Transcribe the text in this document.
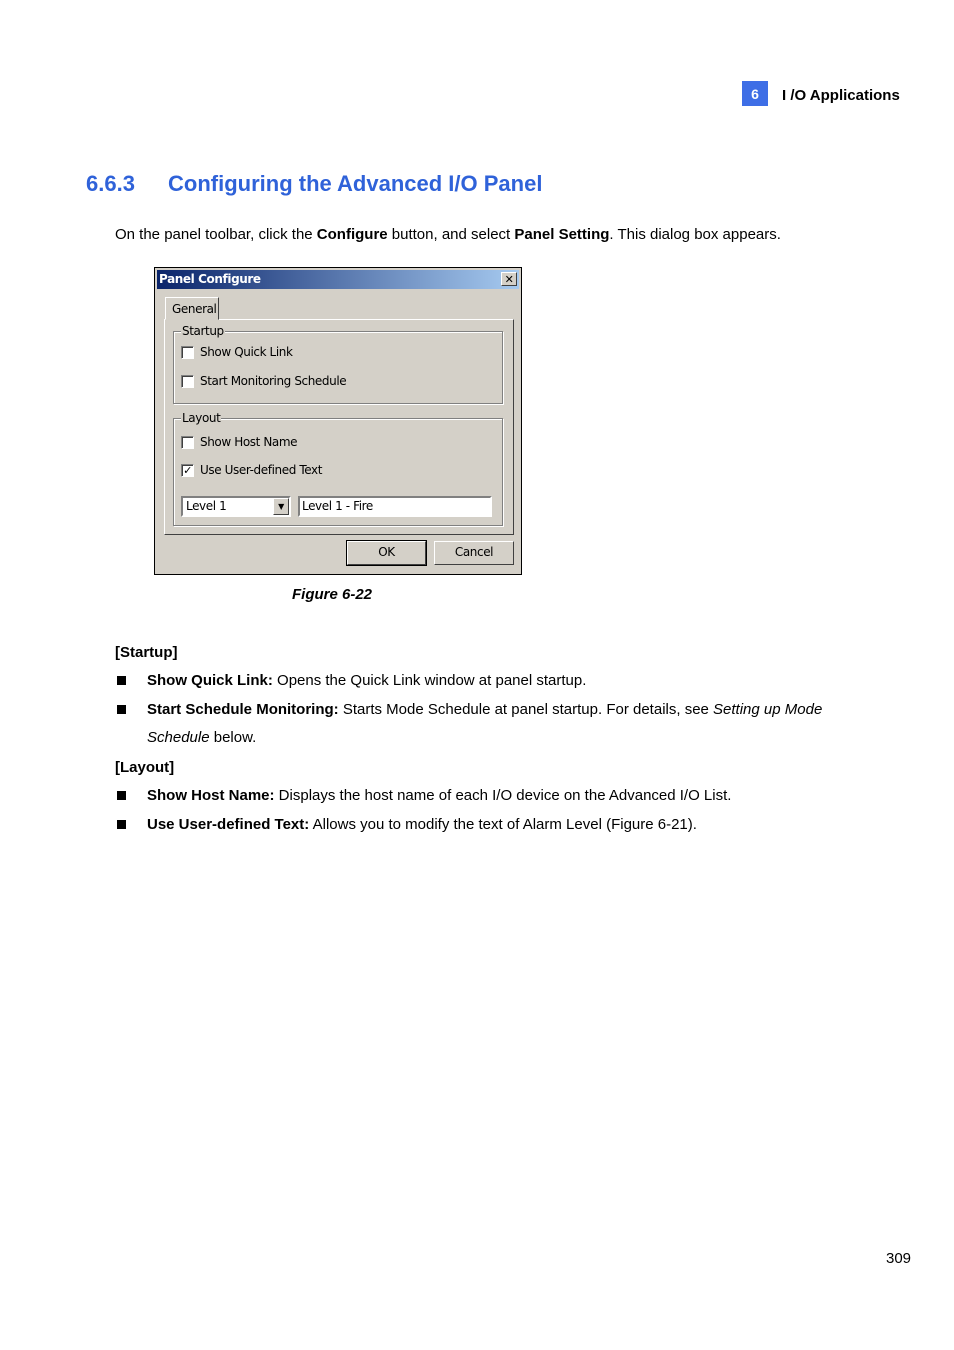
6	I /O Applications
6.6.3 Configuring the Advanced I/O Panel
On the panel toolbar, click the Configure button, and select Panel Setting. This dialog box appears.
Panel Configure	✕
General
Startup
Show Quick Link
Start Monitoring Schedule
Layout
Show Host Name
✓ Use User-defined Text
Level 1	▼	Level 1 - Fire
OK	Cancel
Figure 6-22
[Startup]
Show Quick Link: Opens the Quick Link window at panel startup.
Start Schedule Monitoring: Starts Mode Schedule at panel startup. For details, see Setting up Mode Schedule below.
[Layout]
Show Host Name: Displays the host name of each I/O device on the Advanced I/O List.
Use User-defined Text: Allows you to modify the text of Alarm Level (Figure 6-21).
309
